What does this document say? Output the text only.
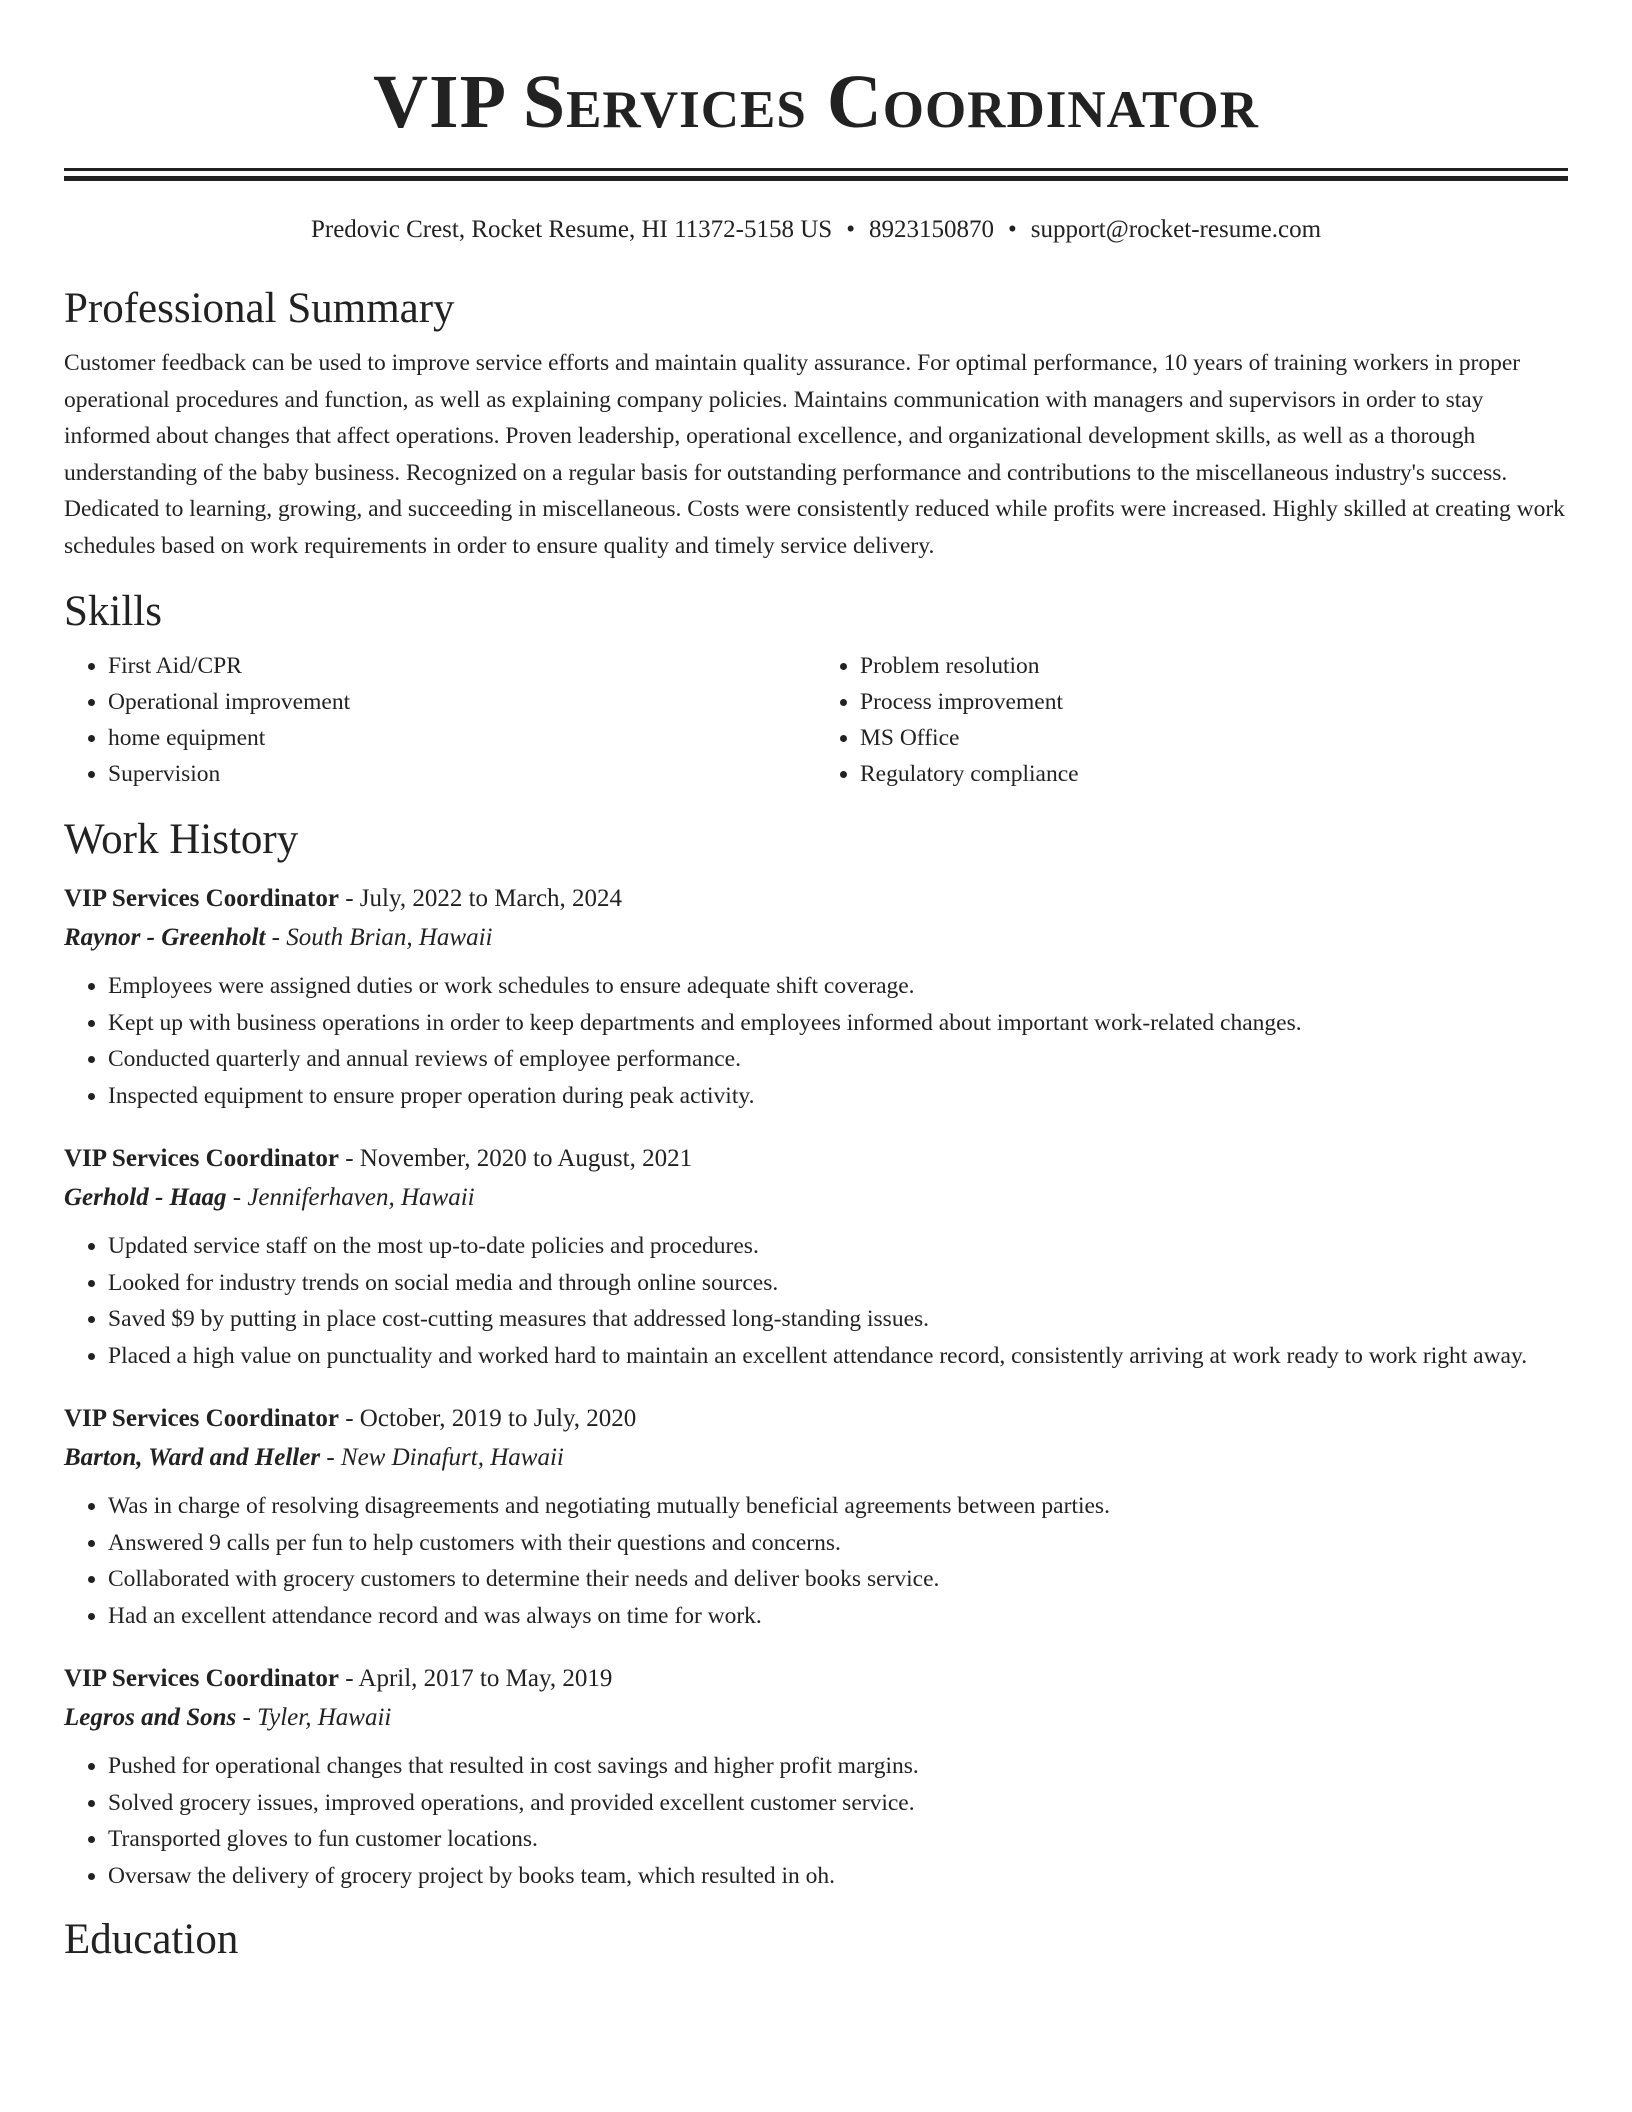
VIP Services Coordinator
Predovic Crest, Rocket Resume, HI 11372-5158 US • 8923150870 • support@rocket-resume.com
Professional Summary

Customer feedback can be used to improve service efforts and maintain quality assurance. For optimal performance, 10 years of training workers in proper operational procedures and function, as well as explaining company policies. Maintains communication with managers and supervisors in order to stay informed about changes that affect operations. Proven leadership, operational excellence, and organizational development skills, as well as a thorough understanding of the baby business. Recognized on a regular basis for outstanding performance and contributions to the miscellaneous industry's success. Dedicated to learning, growing, and succeeding in miscellaneous. Costs were consistently reduced while profits were increased. Highly skilled at creating work schedules based on work requirements in order to ensure quality and timely service delivery.

Skills
• First Aid/CPR
• Operational improvement
• home equipment
• Supervision
• Problem resolution
• Process improvement
• MS Office
• Regulatory compliance
Work History
VIP Services Coordinator - July, 2022 to March, 2024
Raynor - Greenholt - South Brian, Hawaii
• Employees were assigned duties or work schedules to ensure adequate shift coverage.
• Kept up with business operations in order to keep departments and employees informed about important work-related changes.
• Conducted quarterly and annual reviews of employee performance.
• Inspected equipment to ensure proper operation during peak activity.
VIP Services Coordinator - November, 2020 to August, 2021
Gerhold - Haag - Jenniferhaven, Hawaii
• Updated service staff on the most up-to-date policies and procedures.
• Looked for industry trends on social media and through online sources.
• Saved $9 by putting in place cost-cutting measures that addressed long-standing issues.
• Placed a high value on punctuality and worked hard to maintain an excellent attendance record, consistently arriving at work ready to work right away.
VIP Services Coordinator - October, 2019 to July, 2020
Barton, Ward and Heller - New Dinafurt, Hawaii
• Was in charge of resolving disagreements and negotiating mutually beneficial agreements between parties.
• Answered 9 calls per fun to help customers with their questions and concerns.
• Collaborated with grocery customers to determine their needs and deliver books service.
• Had an excellent attendance record and was always on time for work.
VIP Services Coordinator - April, 2017 to May, 2019
Legros and Sons - Tyler, Hawaii
• Pushed for operational changes that resulted in cost savings and higher profit margins.
• Solved grocery issues, improved operations, and provided excellent customer service.
• Transported gloves to fun customer locations.
• Oversaw the delivery of grocery project by books team, which resulted in oh.
Education
